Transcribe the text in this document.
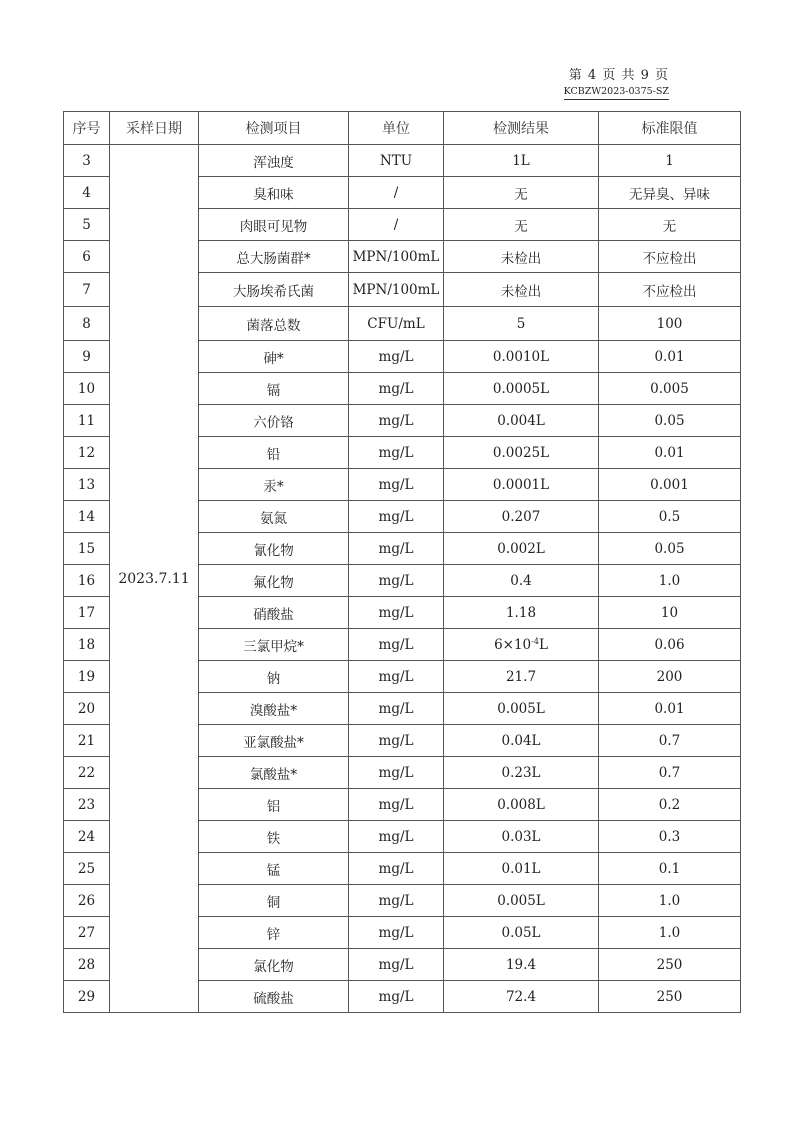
第 4 页 共 9 页
KCBZW2023-0375-SZ
序号	采样日期	检测项目	单位	检测结果	标准限值
3	2023.7.11	浑浊度	NTU	1L	1
4		臭和味	/	无	无异臭、异味
5		肉眼可见物	/	无	无
6		总大肠菌群*	MPN/100mL	未检出	不应检出
7		大肠埃希氏菌	MPN/100mL	未检出	不应检出
8		菌落总数	CFU/mL	5	100
9		砷*	mg/L	0.0010L	0.01
10		镉	mg/L	0.0005L	0.005
11		六价铬	mg/L	0.004L	0.05
12		铅	mg/L	0.0025L	0.01
13		汞*	mg/L	0.0001L	0.001
14		氨氮	mg/L	0.207	0.5
15		氰化物	mg/L	0.002L	0.05
16		氟化物	mg/L	0.4	1.0
17		硝酸盐	mg/L	1.18	10
18		三氯甲烷*	mg/L	$6\times 10^{-4}L$	0.06
19		钠	mg/L	21.7	200
20		溴酸盐*	mg/L	0.005L	0.01
21		亚氯酸盐*	mg/L	0.04L	0.7
22		氯酸盐*	mg/L	0.23L	0.7
23		铝	mg/L	0.008L	0.2
24		铁	mg/L	0.03L	0.3
25		锰	mg/L	0.01L	0.1
26		铜	mg/L	0.005L	1.0
27		锌	mg/L	0.05L	1.0
28		氯化物	mg/L	19.4	250
29		硫酸盐	mg/L	72.4	250
